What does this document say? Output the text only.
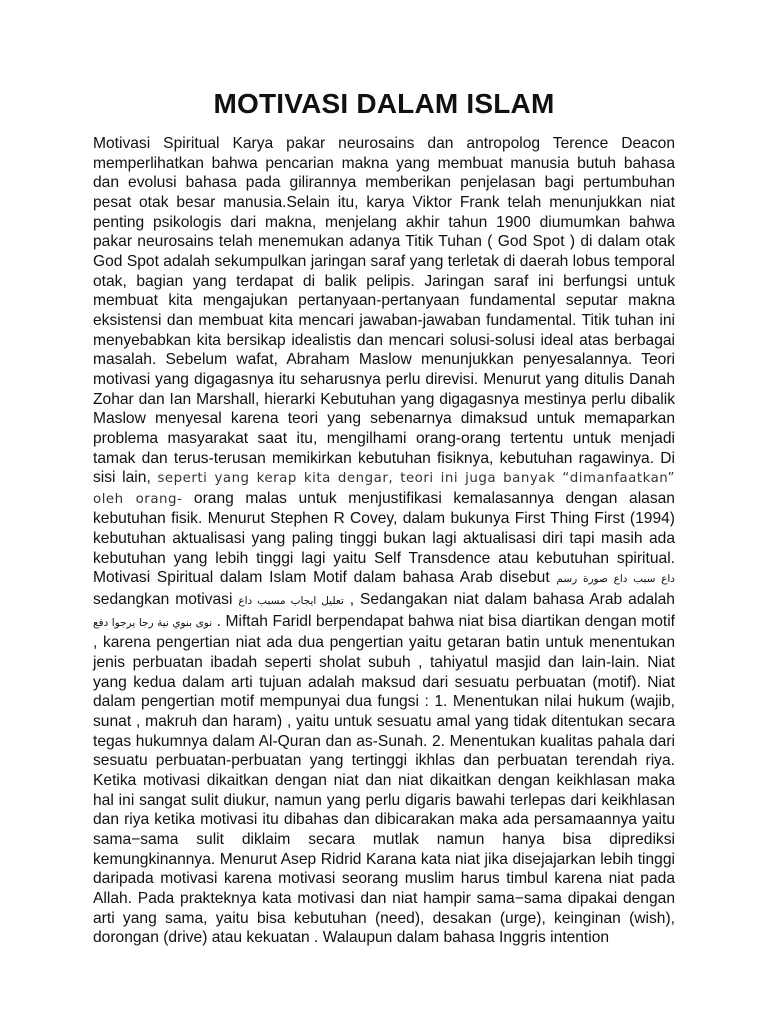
MOTIVASI DALAM ISLAM

Motivasi Spiritual Karya pakar neurosains dan antropolog Terence Deacon memperlihatkan bahwa pencarian makna yang membuat manusia butuh bahasa dan evolusi bahasa pada gilirannya memberikan penjelasan bagi pertumbuhan pesat otak besar manusia.Selain itu, karya Viktor Frank telah menunjukkan niat penting psikologis dari makna, menjelang akhir tahun 1900 diumumkan bahwa pakar neurosains telah menemukan adanya Titik Tuhan ( God Spot ) di dalam otak God Spot adalah sekumpulkan jaringan saraf yang terletak di daerah lobus temporal otak, bagian yang terdapat di balik pelipis. Jaringan saraf ini berfungsi untuk membuat kita mengajukan pertanyaan-pertanyaan fundamental seputar makna eksistensi dan membuat kita mencari jawaban-jawaban fundamental. Titik tuhan ini menyebabkan kita bersikap idealistis dan mencari solusi-solusi ideal atas berbagai masalah. Sebelum wafat, Abraham Maslow menunjukkan penyesalannya. Teori motivasi yang digagasnya itu seharusnya perlu direvisi. Menurut yang ditulis Danah Zohar dan Ian Marshall, hierarki Kebutuhan yang digagasnya mestinya perlu dibalik Maslow menyesal karena teori yang sebenarnya dimaksud untuk memaparkan problema masyarakat saat itu, mengilhami orang-orang tertentu untuk menjadi tamak dan terus-terusan memikirkan kebutuhan fisiknya, kebutuhan ragawinya. Di sisi lain, seperti yang kerap kita dengar, teori ini juga banyak “dimanfaatkan” oleh orang- orang malas untuk menjustifikasi kemalasannya dengan alasan kebutuhan fisik. Menurut Stephen R Covey, dalam bukunya First Thing First (1994) kebutuhan aktualisasi yang paling tinggi bukan lagi aktualisasi diri tapi masih ada kebutuhan yang lebih tinggi lagi yaitu Self Transdence atau kebutuhan spiritual. Motivasi Spiritual dalam Islam Motif dalam bahasa Arab disebut داع سبب داع صورة رسم sedangkan motivasi تعليل ايجاب مسبب داع , Sedangakan niat dalam bahasa Arab adalah نوى بنوي نية رجا يرجوا دفع . Miftah Faridl berpendapat bahwa niat bisa diartikan dengan motif , karena pengertian niat ada dua pengertian yaitu getaran batin untuk menentukan jenis perbuatan ibadah seperti sholat subuh , tahiyatul masjid dan lain-lain. Niat yang kedua dalam arti tujuan adalah maksud dari sesuatu perbuatan (motif). Niat dalam pengertian motif mempunyai dua fungsi : 1. Menentukan nilai hukum (wajib, sunat , makruh dan haram) , yaitu untuk sesuatu amal yang tidak ditentukan secara tegas hukumnya dalam Al-Quran dan as-Sunah. 2. Menentukan kualitas pahala dari sesuatu perbuatan-perbuatan yang tertinggi ikhlas dan perbuatan terendah riya. Ketika motivasi dikaitkan dengan niat dan niat dikaitkan dengan keikhlasan maka hal ini sangat sulit diukur, namun yang perlu digaris bawahi terlepas dari keikhlasan dan riya ketika motivasi itu dibahas dan dibicarakan maka ada persamaannya yaitu sama−sama sulit diklaim secara mutlak namun hanya bisa diprediksi kemungkinannya. Menurut Asep Ridrid Karana kata niat jika disejajarkan lebih tinggi daripada motivasi karena motivasi seorang muslim harus timbul karena niat pada Allah. Pada prakteknya kata motivasi dan niat hampir sama−sama dipakai dengan arti yang sama, yaitu bisa kebutuhan (need), desakan (urge), keinginan (wish), dorongan (drive) atau kekuatan . Walaupun dalam bahasa Inggris intention
